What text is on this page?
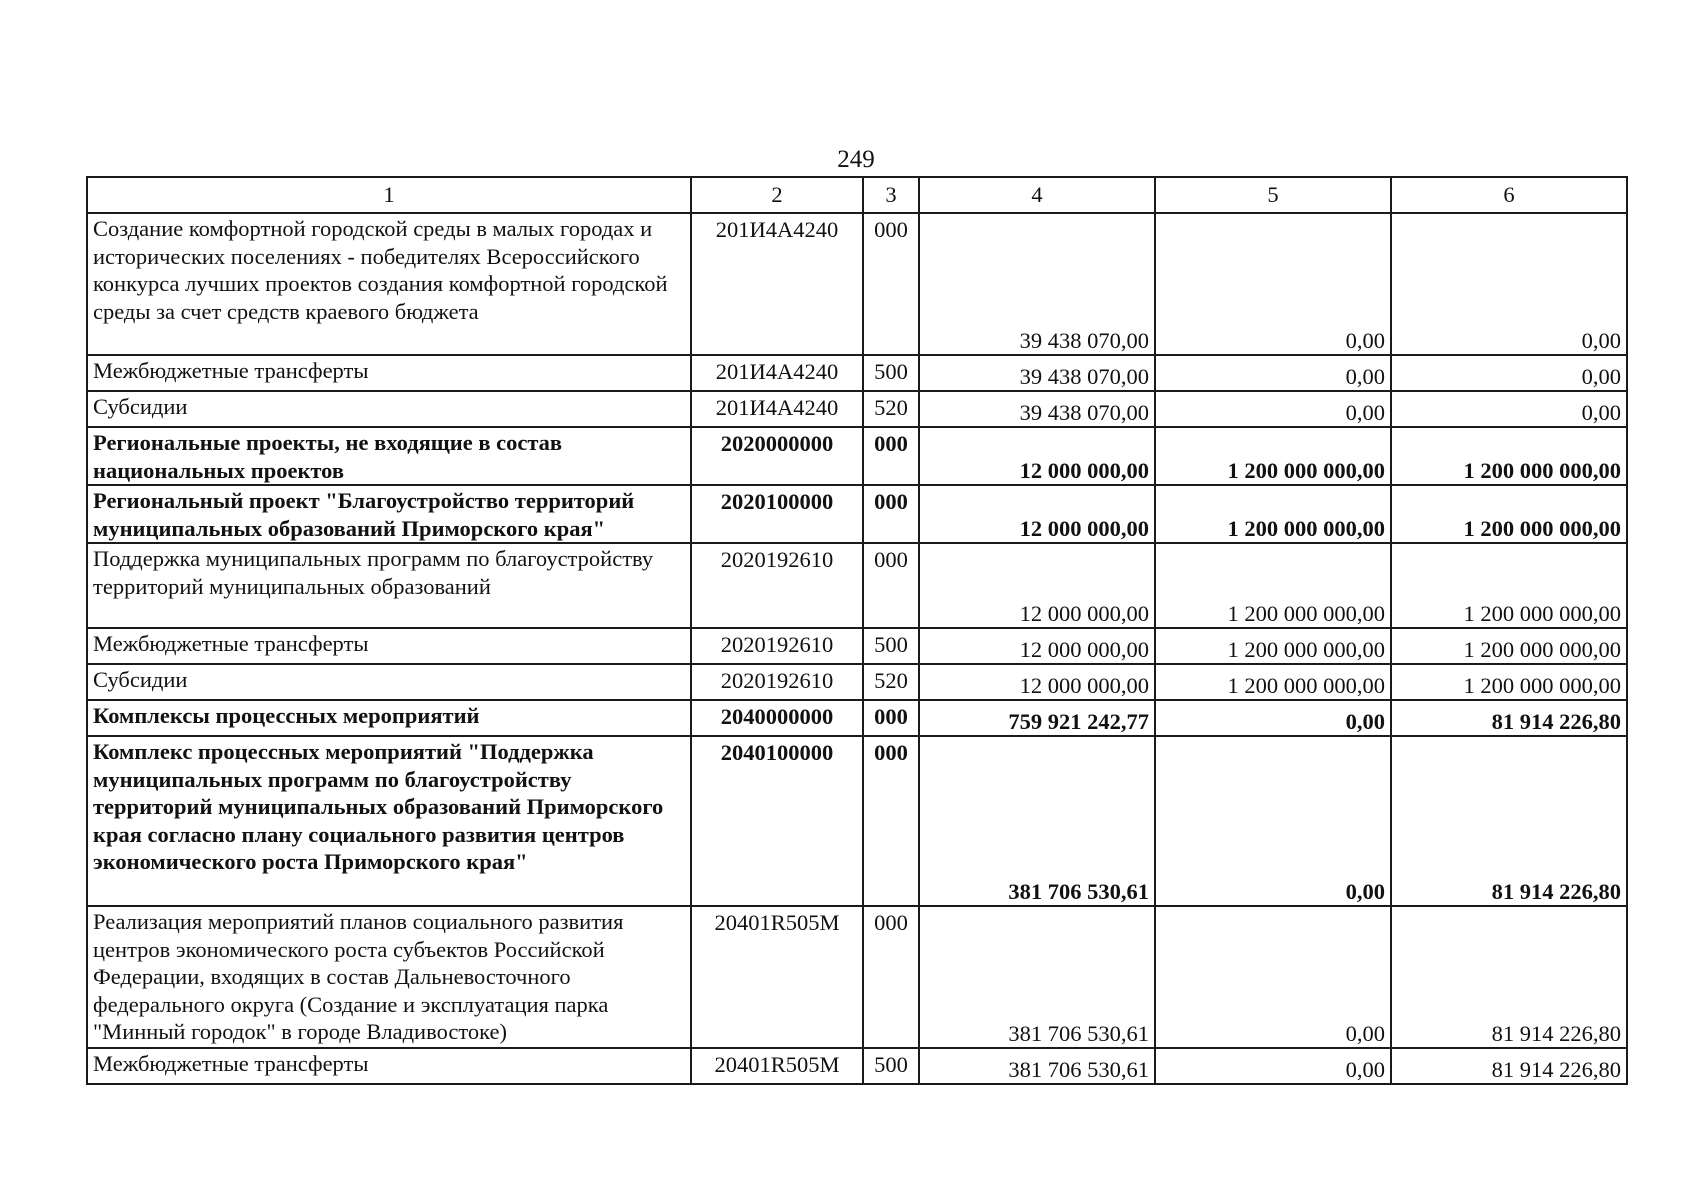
249
1	2	3	4	5	6
Создание комфортной городской среды в малых городах и исторических поселениях - победителях Всероссийского конкурса лучших проектов создания комфортной городской среды за счет средств краевого бюджета	201И4А4240	000	39 438 070,00	0,00	0,00
Межбюджетные трансферты	201И4А4240	500	39 438 070,00	0,00	0,00
Субсидии	201И4А4240	520	39 438 070,00	0,00	0,00
Региональные проекты, не входящие в состав национальных проектов	2020000000	000	12 000 000,00	1 200 000 000,00	1 200 000 000,00
Региональный проект "Благоустройство территорий муниципальных образований Приморского края"	2020100000	000	12 000 000,00	1 200 000 000,00	1 200 000 000,00
Поддержка муниципальных программ по благоустройству территорий муниципальных образований	2020192610	000	12 000 000,00	1 200 000 000,00	1 200 000 000,00
Межбюджетные трансферты	2020192610	500	12 000 000,00	1 200 000 000,00	1 200 000 000,00
Субсидии	2020192610	520	12 000 000,00	1 200 000 000,00	1 200 000 000,00
Комплексы процессных мероприятий	2040000000	000	759 921 242,77	0,00	81 914 226,80
Комплекс процессных мероприятий "Поддержка муниципальных программ по благоустройству территорий муниципальных образований Приморского края согласно плану социального развития центров экономического роста Приморского края"	2040100000	000	381 706 530,61	0,00	81 914 226,80
Реализация мероприятий планов социального развития центров экономического роста субъектов Российской Федерации, входящих в состав Дальневосточного федерального округа (Создание и эксплуатация парка "Минный городок" в городе Владивостоке)	20401R505M	000	381 706 530,61	0,00	81 914 226,80
Межбюджетные трансферты	20401R505M	500	381 706 530,61	0,00	81 914 226,80
